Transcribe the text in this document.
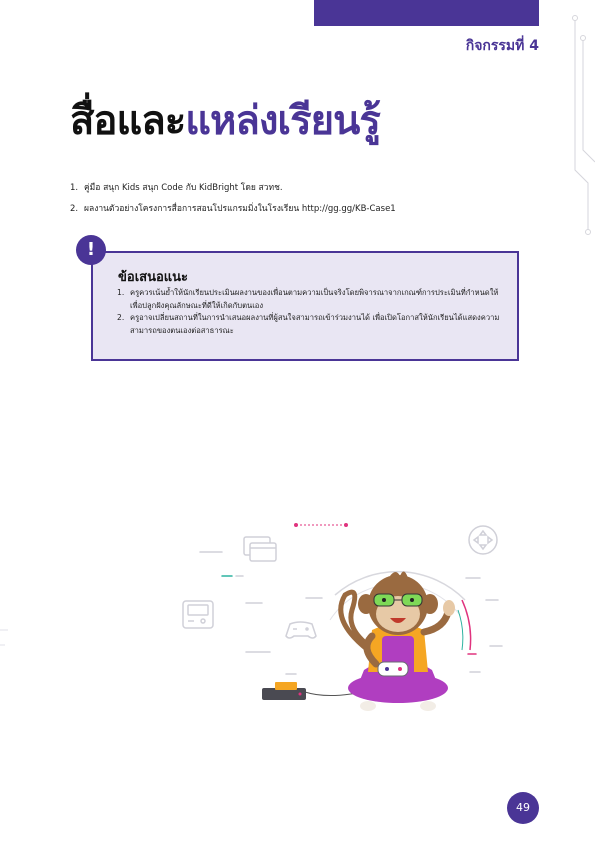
กิจกรรมที่ 4
สื่อและแหล่งเรียนรู้
1. คู่มือ สนุก Kids สนุก Code กับ KidBright โดย สวทช.
2. ผลงานตัวอย่างโครงการสื่อการสอนโปรแกรมมิ่งในโรงเรียน http://gg.gg/KB-Case1
!
ข้อเสนอแนะ
1. ครูควรเน้นย้ำให้นักเรียนประเมินผลงานของเพื่อนตามความเป็นจริงโดยพิจารณาจากเกณฑ์การประเมินที่กำหนดให้ เพื่อปลูกฝังคุณลักษณะที่ดีให้เกิดกับตนเอง
2. ครูอาจเปลี่ยนสถานที่ในการนำเสนอผลงานที่ผู้สนใจสามารถเข้าร่วมงานได้ เพื่อเปิดโอกาสให้นักเรียนได้แสดงความสามารถของตนเองต่อสาธารณะ
49
